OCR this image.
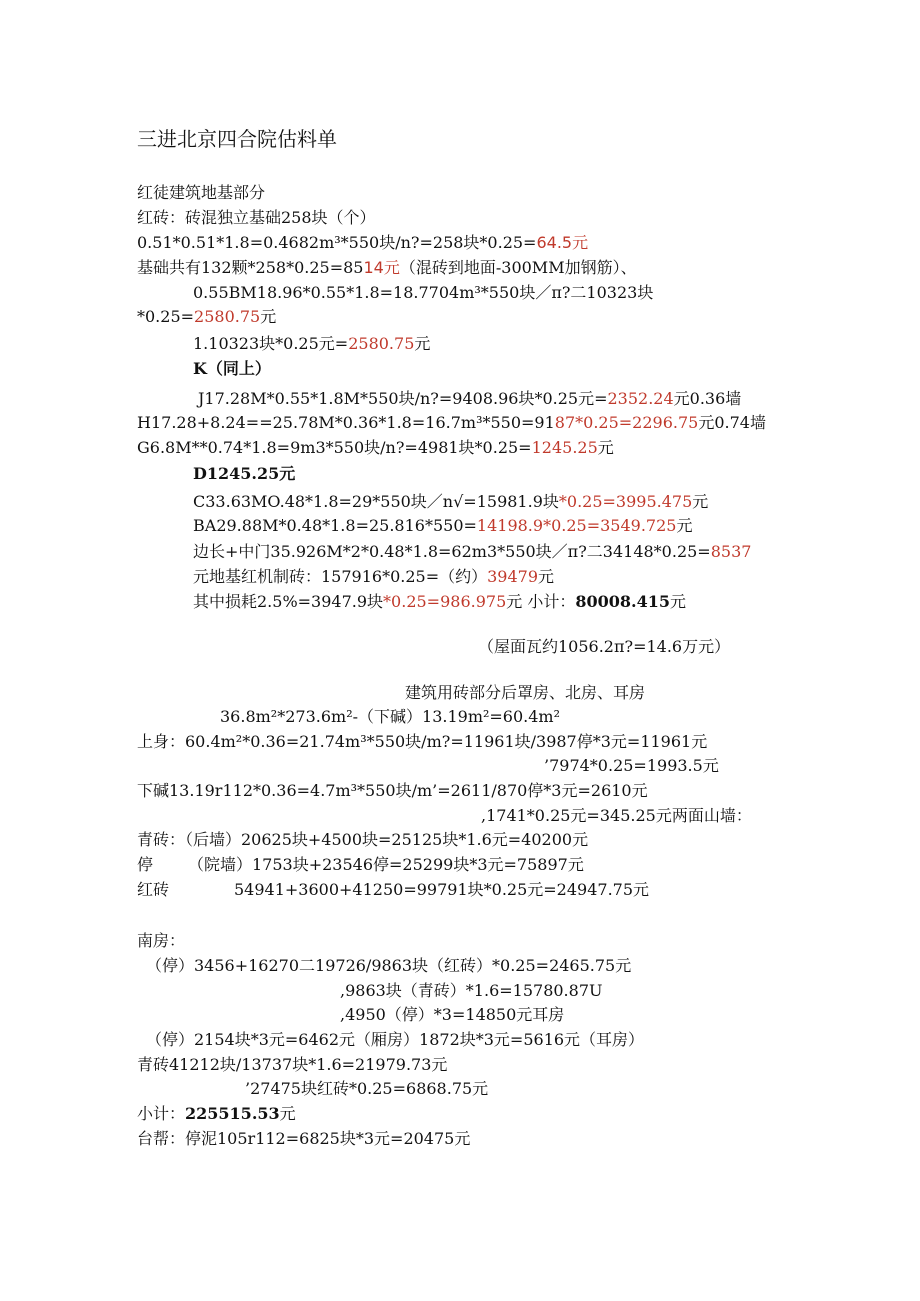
三进北京四合院估料单
红徒建筑地基部分
红砖：砖混独立基础258块（个）
0.51*0.51*1.8=0.4682m³*550块/n?=258块*0.25=64.5元
基础共有132颗*258*0.25=8514元（混砖到地面-300MM加钢筋）、
0.55BM18.96*0.55*1.8=18.7704m³*550块／π?二10323块
*0.25=2580.75元
1.10323块*0.25元=2580.75元
K（同上）
J17.28M*0.55*1.8M*550块/n?=9408.96块*0.25元=2352.24元0.36墙
H17.28+8.24==25.78M*0.36*1.8=16.7m³*550=9187*0.25=2296.75元0.74墙
G6.8M**0.74*1.8=9m3*550块/n?=4981块*0.25=1245.25元
D1245.25元
C33.63MO.48*1.8=29*550块／n√=15981.9块*0.25=3995.475元
BA29.88M*0.48*1.8=25.816*550=14198.9*0.25=3549.725元
边长+中门35.926M*2*0.48*1.8=62m3*550块／π?二34148*0.25=8537
元地基红机制砖：157916*0.25=（约）39479元
其中损耗2.5%=3947.9块*0.25=986.975元 小计：80008.415元
（屋面瓦约1056.2π?=14.6万元）
建筑用砖部分后罩房、北房、耳房
36.8m²*273.6m²-（下碱）13.19m²=60.4m²
上身：60.4m²*0.36=21.74m³*550块/m?=11961块/3987停*3元=11961元
’7974*0.25=1993.5元
下碱13.19r112*0.36=4.7m³*550块/m’=2611/870停*3元=2610元
,1741*0.25元=345.25元两面山墙：
青砖：（后墙）20625块+4500块=25125块*1.6元=40200元
停 （院墙）1753块+23546停=25299块*3元=75897元
红砖	54941+3600+41250=99791块*0.25元=24947.75元
南房：
（停）3456+16270二19726/9863块（红砖）*0.25=2465.75元
,9863块（青砖）*1.6=15780.87U
,4950（停）*3=14850元耳房
（停）2154块*3元=6462元（厢房）1872块*3元=5616元（耳房）
青砖41212块/13737块*1.6=21979.73元
’27475块红砖*0.25=6868.75元
小计：225515.53元
台帮：停泥105r112=6825块*3元=20475元
